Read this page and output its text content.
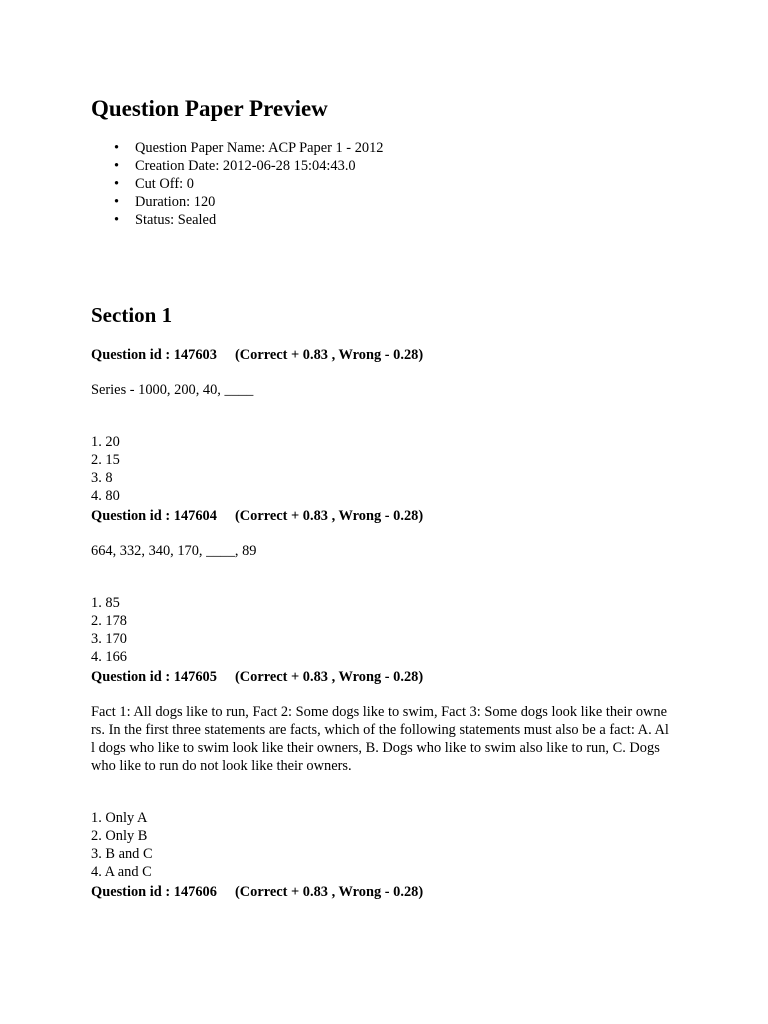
Question Paper Preview
• Question Paper Name: ACP Paper 1 - 2012
• Creation Date: 2012-06-28 15:04:43.0
• Cut Off: 0
• Duration: 120
• Status: Sealed
Section 1
Question id : 147603 (Correct + 0.83 , Wrong - 0.28)
Series - 1000, 200, 40, ____
1. 20
2. 15
3. 8
4. 80
Question id : 147604 (Correct + 0.83 , Wrong - 0.28)
664, 332, 340, 170, ____, 89
1. 85
2. 178
3. 170
4. 166
Question id : 147605 (Correct + 0.83 , Wrong - 0.28)
Fact 1: All dogs like to run, Fact 2: Some dogs like to swim, Fact 3: Some dogs look like their owners. In the first three statements are facts, which of the following statements must also be a fact: A. All dogs who like to swim look like their owners, B. Dogs who like to swim also like to run, C. Dogs who like to run do not look like their owners.
1. Only A
2. Only B
3. B and C
4. A and C
Question id : 147606 (Correct + 0.83 , Wrong - 0.28)
